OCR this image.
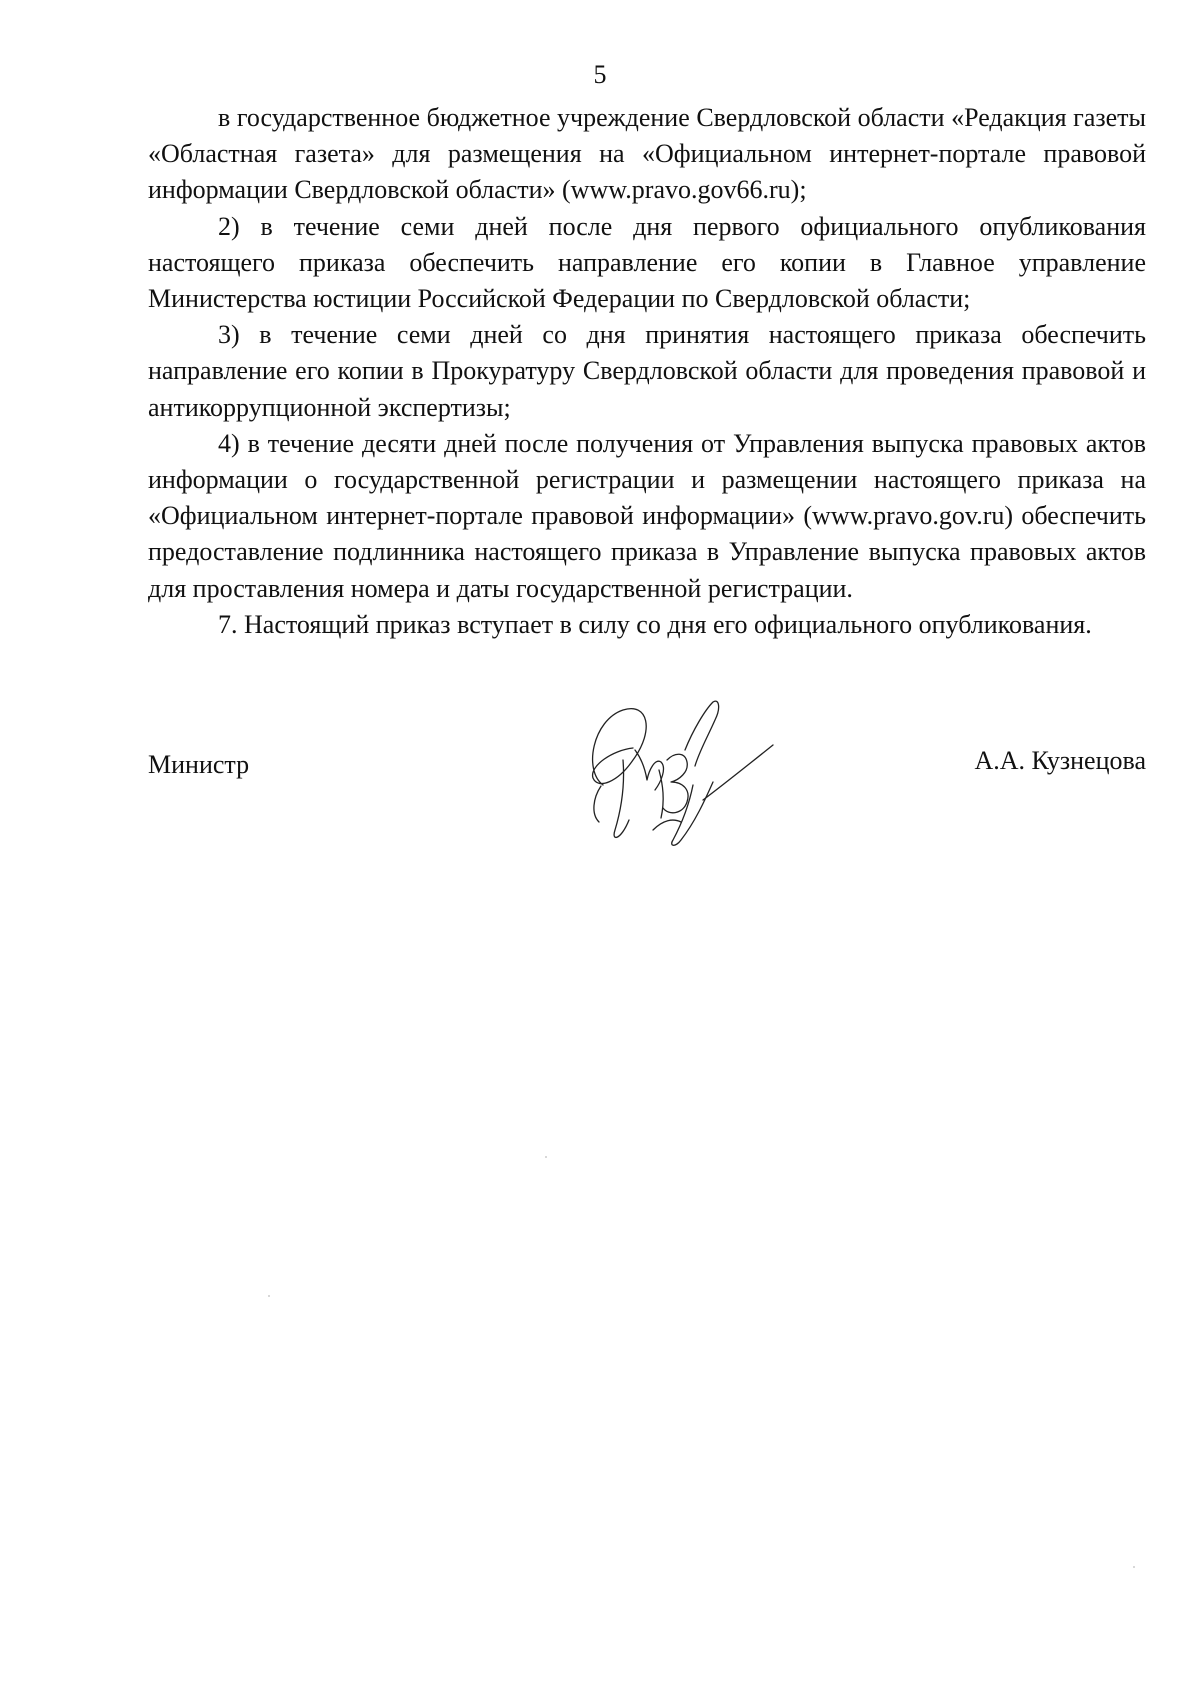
5

в государственное бюджетное учреждение Свердловской области «Редакция газеты «Областная газета» для размещения на «Официальном интернет-портале правовой информации Свердловской области» (www.pravo.gov66.ru);

2) в течение семи дней после дня первого официального опубликования настоящего приказа обеспечить направление его копии в Главное управление Министерства юстиции Российской Федерации по Свердловской области;

3) в течение семи дней со дня принятия настоящего приказа обеспечить направление его копии в Прокуратуру Свердловской области для проведения правовой и антикоррупционной экспертизы;

4) в течение десяти дней после получения от Управления выпуска правовых актов информации о государственной регистрации и размещении настоящего приказа на «Официальном интернет-портале правовой информации» (www.pravo.gov.ru) обеспечить предоставление подлинника настоящего приказа в Управление выпуска правовых актов для проставления номера и даты государственной регистрации.

7. Настоящий приказ вступает в силу со дня его официального опубликования.

Министр	А.А. Кузнецова
